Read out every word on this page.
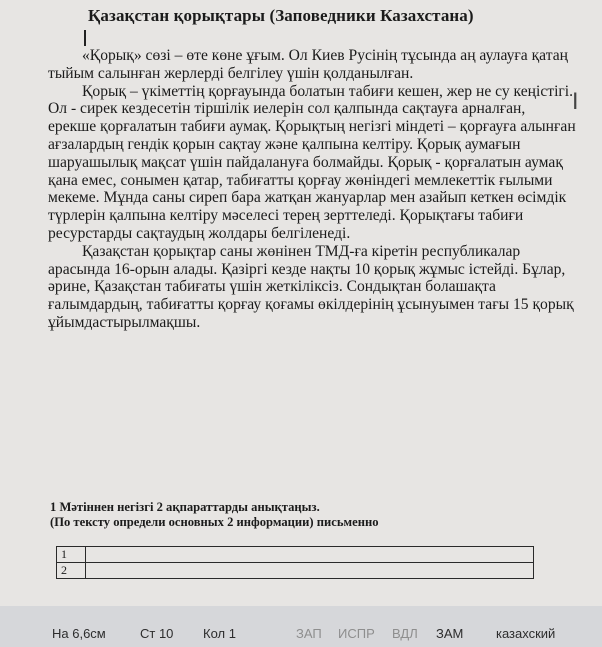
Қазақстан қорықтары (Заповедники Казахстана)

«Қорық» сөзі – өте көне ұғым. Ол Киев Русінің тұсында аң аулауға қатаң тыйым салынған жерлерді белгілеу үшін қолданылған.

Қорық – үкіметтің қорғауында болатын табиғи кешен, жер не су кеңістігі. Ол - сирек кездесетін тіршілік иелерін сол қалпында сақтауға арналған, ерекше қорғалатын табиғи аумақ. Қорықтың негізгі міндеті – қорғауға алынған ағзалардың гендік қорын сақтау және қалпына келтіру. Қорық аумағын шаруашылық мақсат үшін пайдалануға болмайды. Қорық - қорғалатын аумақ қана емес, сонымен қатар, табиғатты қорғау жөніндегі мемлекеттік ғылыми мекеме. Мұнда саны сиреп бара жатқан жануарлар мен азайып кеткен өсімдік түрлерін қалпына келтіру мәселесі терең зерттеледі. Қорықтағы табиғи ресурстарды сақтаудың жолдары белгіленеді.

Қазақстан қорықтар саны жөнінен ТМД-ға кіретін республикалар арасында 16-орын алады. Қазіргі кезде нақты 10 қорық жұмыс істейді. Бұлар, әрине, Қазақстан табиғаты үшін жеткіліксіз. Сондықтан болашақта ғалымдардың, табиғатты қорғау қоғамы өкілдерінің ұсынуымен тағы 15 қорық ұйымдастырылмақшы.

I
1 Мәтіннен негізгі 2 ақпараттарды анықтаңыз.
(По тексту определи основных 2 информации) письменно
1	
2	
На 6,6см	Ст 10 Кол 1	ЗАП ИСПР ВДЛ ЗАМ	казахский
